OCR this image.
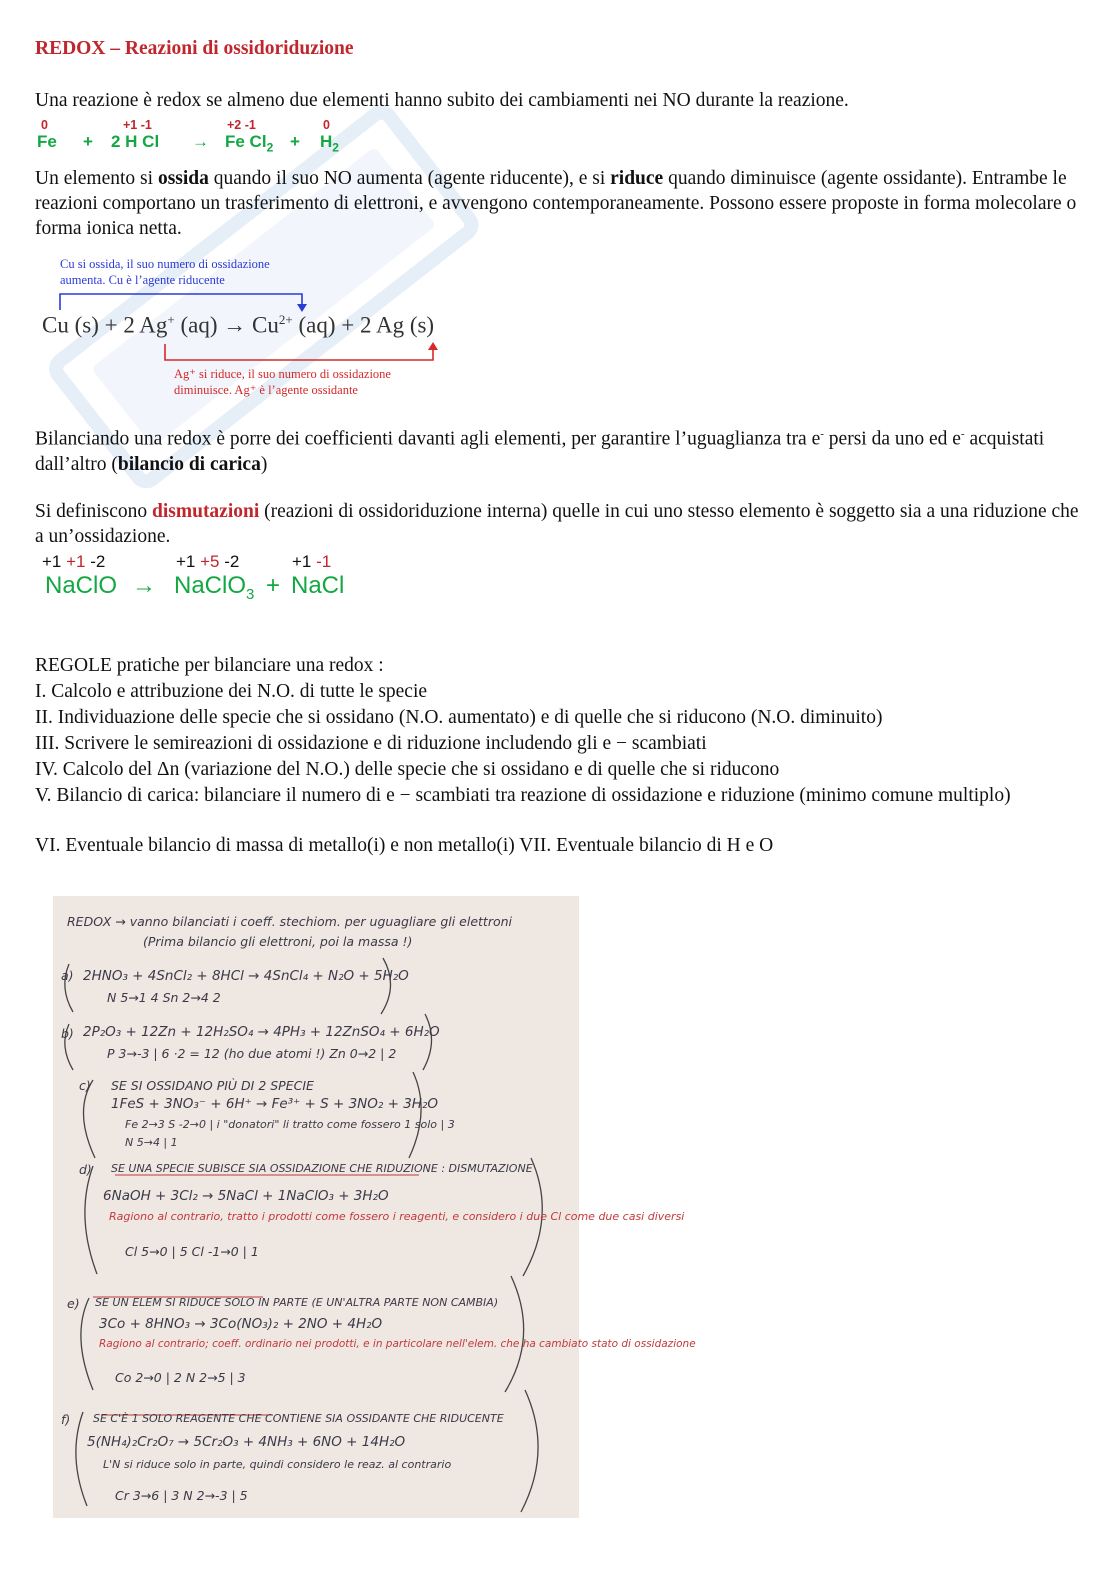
REDOX – Reazioni di ossidoriduzione
Una reazione è redox se almeno due elementi hanno subito dei cambiamenti nei NO durante la reazione.
0	+1 -1	+2 -1	0
Fe + 2 H Cl → Fe $Cl_2 + H_2$
Un elemento si ossida quando il suo NO aumenta (agente riducente), e si riduce quando diminuisce (agente ossidante). Entrambe le reazioni comportano un trasferimento di elettroni, e avvengono contemporaneamente. Possono essere proposte in forma molecolare o forma ionica netta.
Cu si ossida, il suo numero di ossidazione
aumenta. Cu è l’agente riducente
Cu (s) + 2 Ag+ $(aq) \to Cu^{2+}$ (aq) + 2 Ag (s)
Ag⁺ si riduce, il suo numero di ossidazione
diminuisce. Ag⁺ è l’agente ossidante
Bilanciando una redox è porre dei coefficienti davanti agli elementi, per garantire l’uguaglianza tra e- persi da uno ed e- acquistati dall’altro (bilancio di carica)
Si definiscono dismutazioni (reazioni di ossidoriduzione interna) quelle in cui uno stesso elemento è soggetto sia a una riduzione che a un’ossidazione.
+1 +1 -2	+1 +5 -2	+1 -1
NaClO → NaClO$_3$ + NaCl
REGOLE pratiche per bilanciare una redox :
I. Calcolo e attribuzione dei N.O. di tutte le specie
II. Individuazione delle specie che si ossidano (N.O. aumentato) e di quelle che si riducono (N.O. diminuito)
III. Scrivere le semireazioni di ossidazione e di riduzione includendo gli e − scambiati
IV. Calcolo del Δn (variazione del N.O.) delle specie che si ossidano e di quelle che si riducono
V. Bilancio di carica: bilanciare il numero di e − scambiati tra reazione di ossidazione e riduzione (minimo comune multiplo)
VI. Eventuale bilancio di massa di metallo(i) e non metallo(i) VII. Eventuale bilancio di H e O
REDOX → vanno bilanciati i coeff. stechiom. per uguagliare gli elettroni
(Prima bilancio gli elettroni, poi la massa !)
a) 2HNO₃ + 4SnCl₂ + 8HCl → 4SnCl₄ + N₂O + 5H₂O
N 5→1 4 Sn 2→4 2
b) 2P₂O₃ + 12Zn + 12H₂SO₄ → 4PH₃ + 12ZnSO₄ + 6H₂O
P 3→-3 | 6 ·2 = 12 (ho due atomi !) Zn 0→2 | 2
c) SE SI OSSIDANO PIÙ DI 2 SPECIE
1FeS + 3NO₃⁻ + 6H⁺ → Fe³⁺ + S + 3NO₂ + 3H₂O
Fe 2→3 S -2→0 | i "donatori" li tratto come fossero 1 solo | 3
N 5→4 | 1
d) SE UNA SPECIE SUBISCE SIA OSSIDAZIONE CHE RIDUZIONE : DISMUTAZIONE
6NaOH + 3Cl₂ → 5NaCl + 1NaClO₃ + 3H₂O
Ragiono al contrario, tratto i prodotti come fossero i reagenti, e considero i due Cl come due casi diversi
Cl 5→0 | 5 Cl -1→0 | 1
e) SE UN ELEM SI RIDUCE SOLO IN PARTE (E UN'ALTRA PARTE NON CAMBIA)
3Co + 8HNO₃ → 3Co(NO₃)₂ + 2NO + 4H₂O
Ragiono al contrario; coeff. ordinario nei prodotti, e in particolare nell'elem. che ha cambiato stato di ossidazione
Co 2→0 | 2 N 2→5 | 3
f) SE C'È 1 SOLO REAGENTE CHE CONTIENE SIA OSSIDANTE CHE RIDUCENTE
5(NH₄)₂Cr₂O₇ → 5Cr₂O₃ + 4NH₃ + 6NO + 14H₂O
L'N si riduce solo in parte, quindi considero le reaz. al contrario
Cr 3→6 | 3 N 2→-3 | 5
